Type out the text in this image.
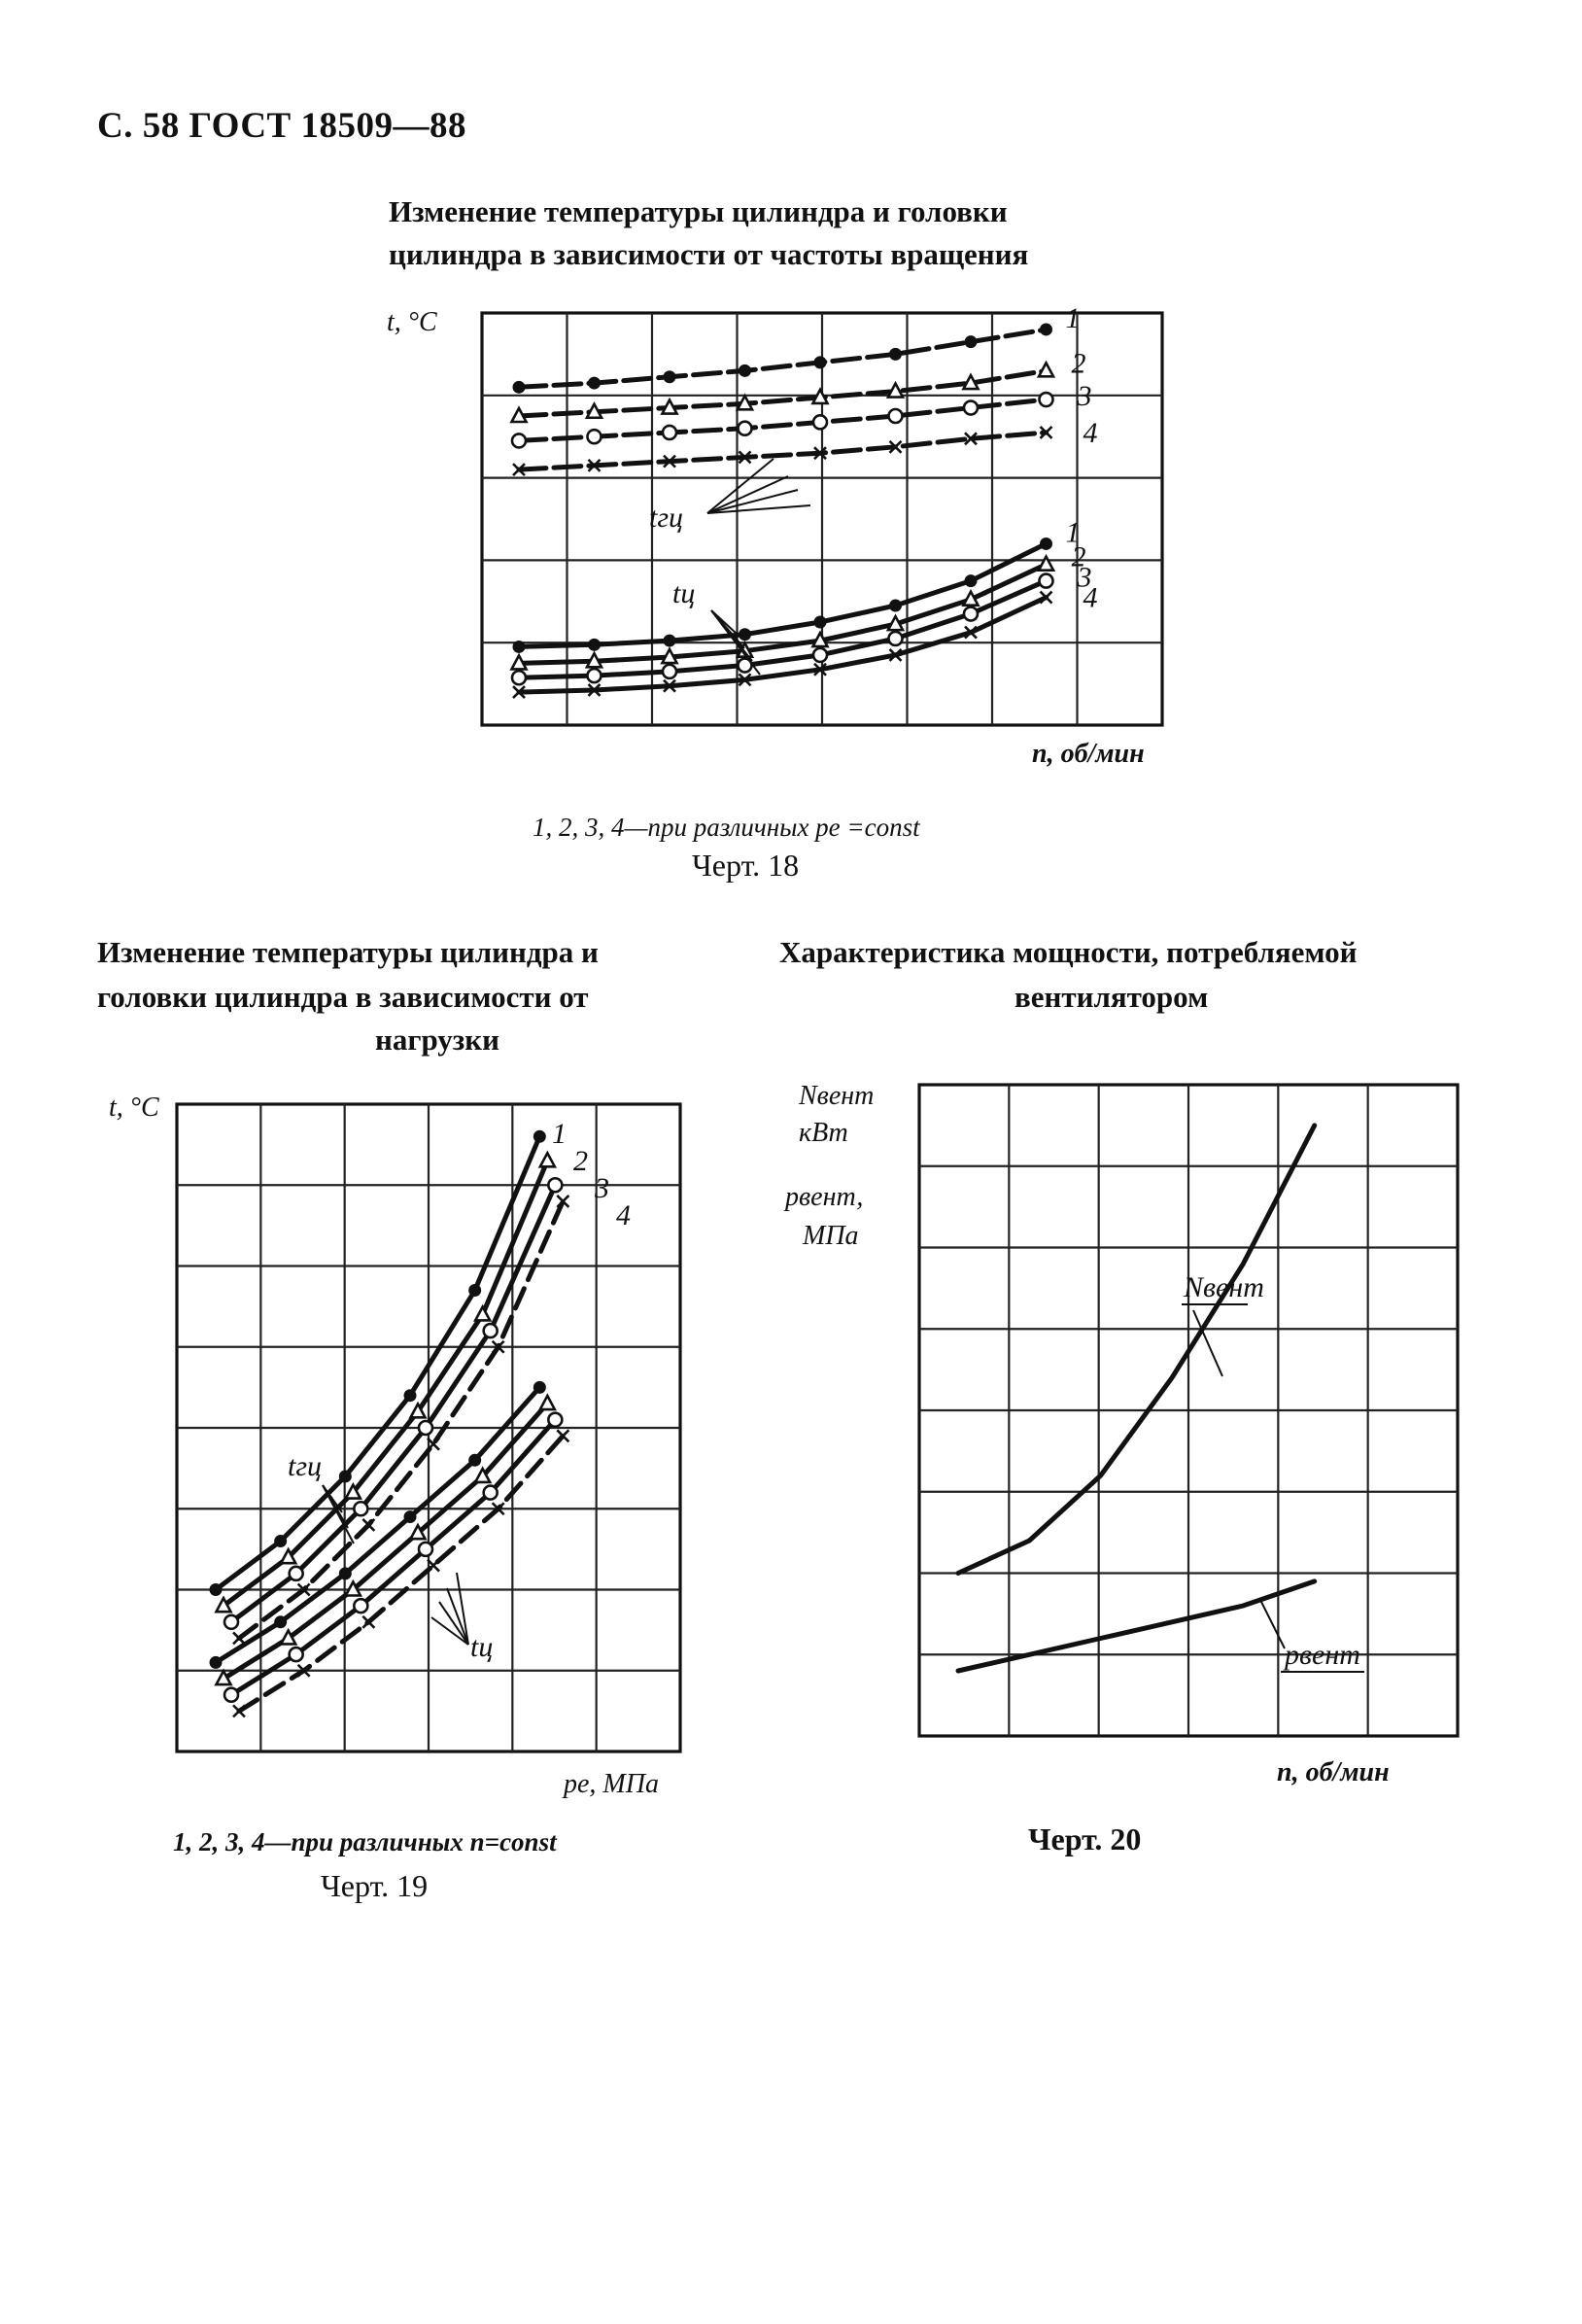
С. 58 ГОСТ 18509—88
Изменение температуры цилиндра и головки
цилиндра в зависимости от частоты вращения
t, °C	1
2
3
4
1
2
3
4
tгц
tц
n, об/мин
1, 2, 3, 4—при различных pe =const
Черт. 18
Изменение температуры цилиндра и
головки цилиндра в зависимости от
нагрузки
t, °C
1
2
3
4
tгц
tц
pe, МПа
1, 2, 3, 4—при различных n=const
Черт. 19
Характеристика мощности, потребляемой
вентилятором
Nвент
кВт
pвент,
МПа
Nвент
pвент
n, об/мин
Черт. 20
